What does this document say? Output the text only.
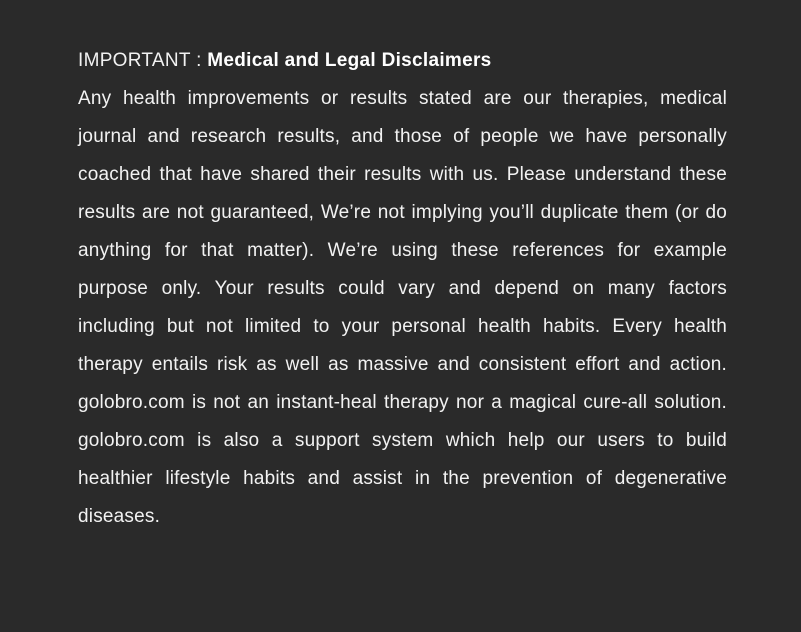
IMPORTANT : Medical and Legal Disclaimers
Any health improvements or results stated are our therapies, medical journal and research results, and those of people we have personally coached that have shared their results with us. Please understand these results are not guaranteed, We’re not implying you’ll duplicate them (or do anything for that matter). We’re using these references for example purpose only. Your results could vary and depend on many factors including but not limited to your personal health habits. Every health therapy entails risk as well as massive and consistent effort and action. golobro.com is not an instant-heal therapy nor a magical cure-all solution. golobro.com is also a support system which help our users to build healthier lifestyle habits and assist in the prevention of degenerative diseases.
